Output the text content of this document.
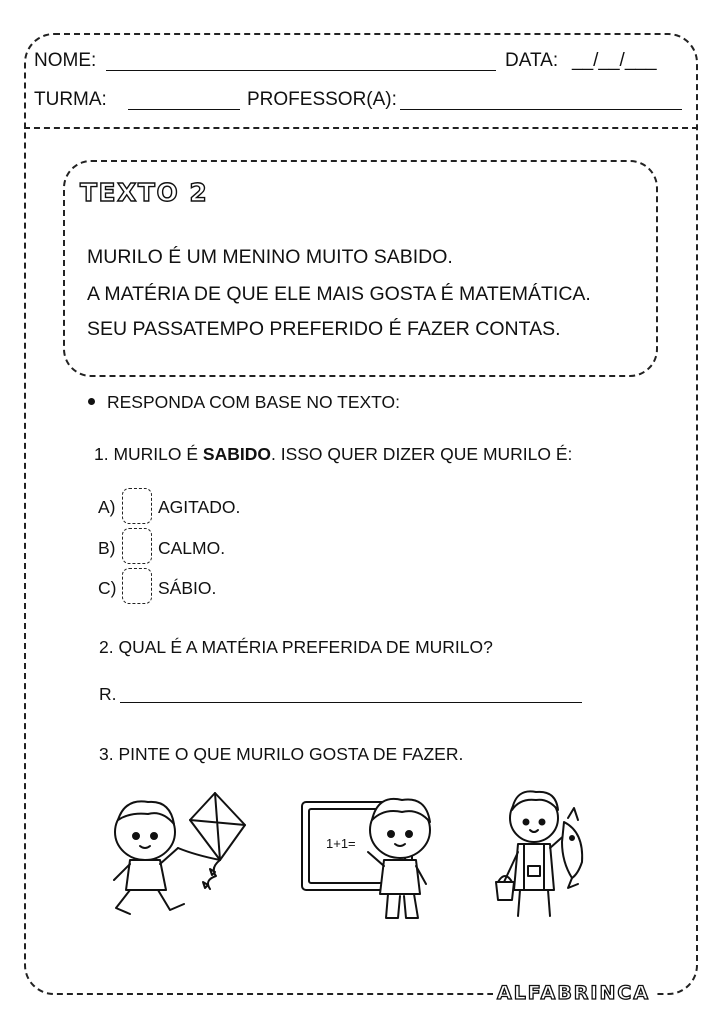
NOME:	DATA: __/__/___
TURMA:	PROFESSOR(A):
TEXTO 2
MURILO É UM MENINO MUITO SABIDO.
A MATÉRIA DE QUE ELE MAIS GOSTA É MATEMÁTICA.
SEU PASSATEMPO PREFERIDO É FAZER CONTAS.
RESPONDA COM BASE NO TEXTO:
1. MURILO É SABIDO. ISSO QUER DIZER QUE MURILO É:
A) AGITADO.
B) CALMO.
C) SÁBIO.
2. QUAL É A MATÉRIA PREFERIDA DE MURILO?
R.
3. PINTE O QUE MURILO GOSTA DE FAZER.
1+1=
ALFABRINCA
